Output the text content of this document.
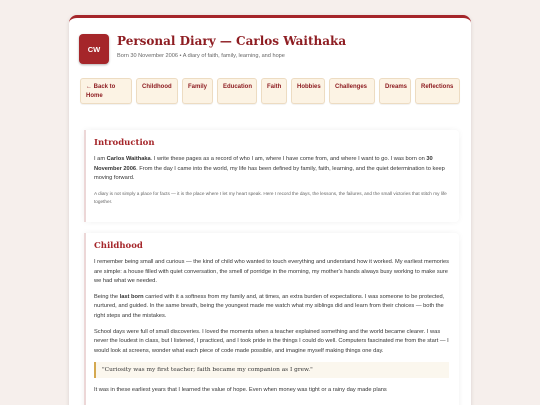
CW
Personal Diary — Carlos Waithaka
Born 30 November 2006 • A diary of faith, family, learning, and hope
← Back to Home
Childhood	Family	Education	Faith	Hobbies	Challenges	Dreams	Reflections
Introduction

I am Carlos Waithaka. I write these pages as a record of who I am, where I have come from, and where I want to go. I was born on 30 November 2006. From the day I came into the world, my life has been defined by family, faith, learning, and the quiet determination to keep moving forward.

A diary is not simply a place for facts — it is the place where I let my heart speak. Here I record the days, the lessons, the failures, and the small victories that stitch my life together.

Childhood

I remember being small and curious — the kind of child who wanted to touch everything and understand how it worked. My earliest memories are simple: a house filled with quiet conversation, the smell of porridge in the morning, my mother's hands always busy working to make sure we had what we needed.

Being the last born carried with it a softness from my family and, at times, an extra burden of expectations. I was someone to be protected, nurtured, and guided. In the same breath, being the youngest made me watch what my siblings did and learn from their choices — both the right steps and the mistakes.

School days were full of small discoveries. I loved the moments when a teacher explained something and the world became clearer. I was never the loudest in class, but I listened, I practiced, and I took pride in the things I could do well. Computers fascinated me from the start — I would look at screens, wonder what each piece of code made possible, and imagine myself making things one day.

"Curiosity was my first teacher; faith became my companion as I grew."

It was in these earliest years that I learned the value of hope. Even when money was tight or a rainy day made plans
